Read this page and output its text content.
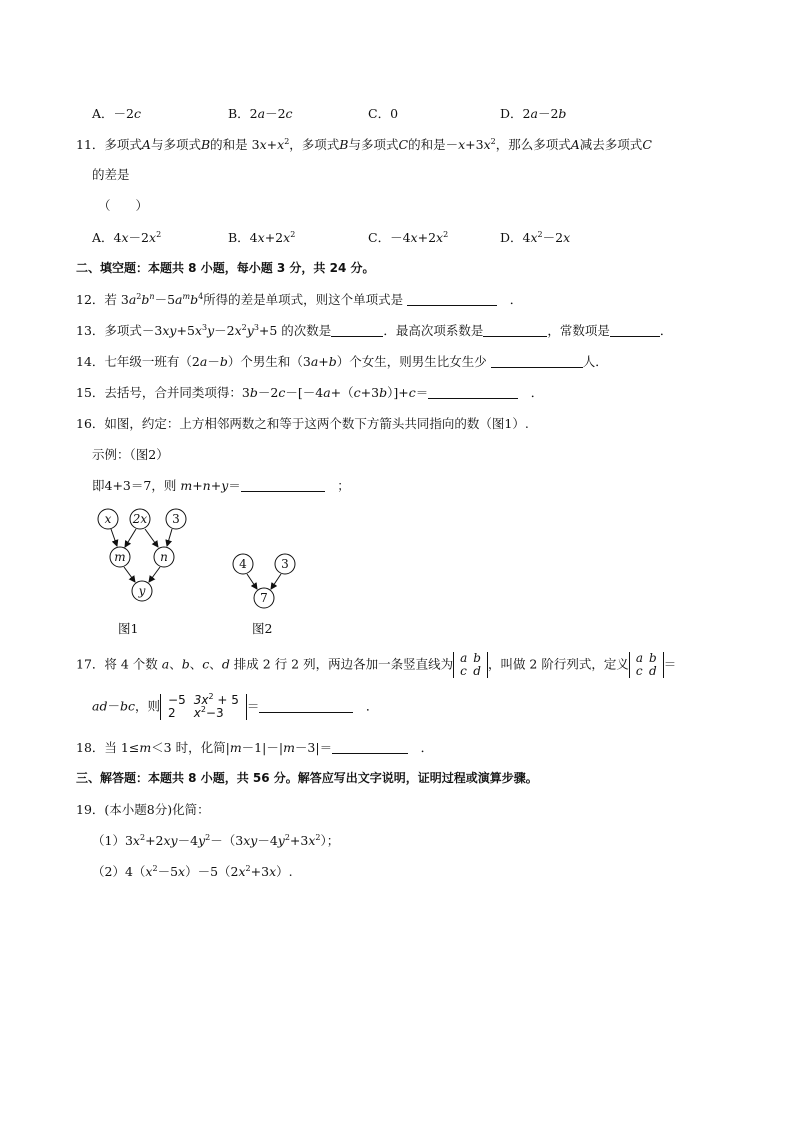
A．－2c	B．2a－2c	C．0	D．2a－2b
11．多项式A与多项式B的和是 $3x+x^2$，多项式B与多项式C的和是$-x+3x^2$，那么多项式A减去多项式C
的差是
（　　）
A．$4x-2x^2$	B．$4x+2x^2$	C．$-4x+2x^2$	D．$4x^2-2x$
二、填空题：本题共 8 小题，每小题 3 分，共 24 分。
12．若 $3a^2b^n-5a^mb^4$所得的差是单项式，则这个单项式是	　．
13．多项式$-3xy+5x^3y-2x^2y^3+5$ 的次数是	．最高次项系数是	，常数项是	．
14．七年级一班有（2a－b）个男生和（3a+b）个女生，则男生比女生少	人．
15．去括号，合并同类项得：3b－2c－[－4a+（c+3b）]+c＝	　．
16．如图，约定：上方相邻两数之和等于这两个数下方箭头共同指向的数（图1）.
示例：（图2）
即4+3＝7，则 m+n+y＝	　；
x 2x 3
m	n
y
4	3
7
图1	图2
17．将 4 个数 a、b、c、d 排成 2 行 2 列，两边各加一条竖直线为 a	b
c	d ，叫做 2 阶行列式，定义 a	b
c	d ＝
ad－bc，则 −5	$3x^2 + 5$
2	$x^2-3$ ＝	　．
18．当 1≤m＜3 时，化简|m－1|－|m－3|＝	　．
三、解答题：本题共 8 小题，共 56 分。解答应写出文字说明，证明过程或演算步骤。
19．(本小题8分)化简：
$(1)3x^2+2xy-4y^2-(3xy-4y^2+3x^2)$；
$(2)4(x^2-5x)-5(2x^2+3x)$.
